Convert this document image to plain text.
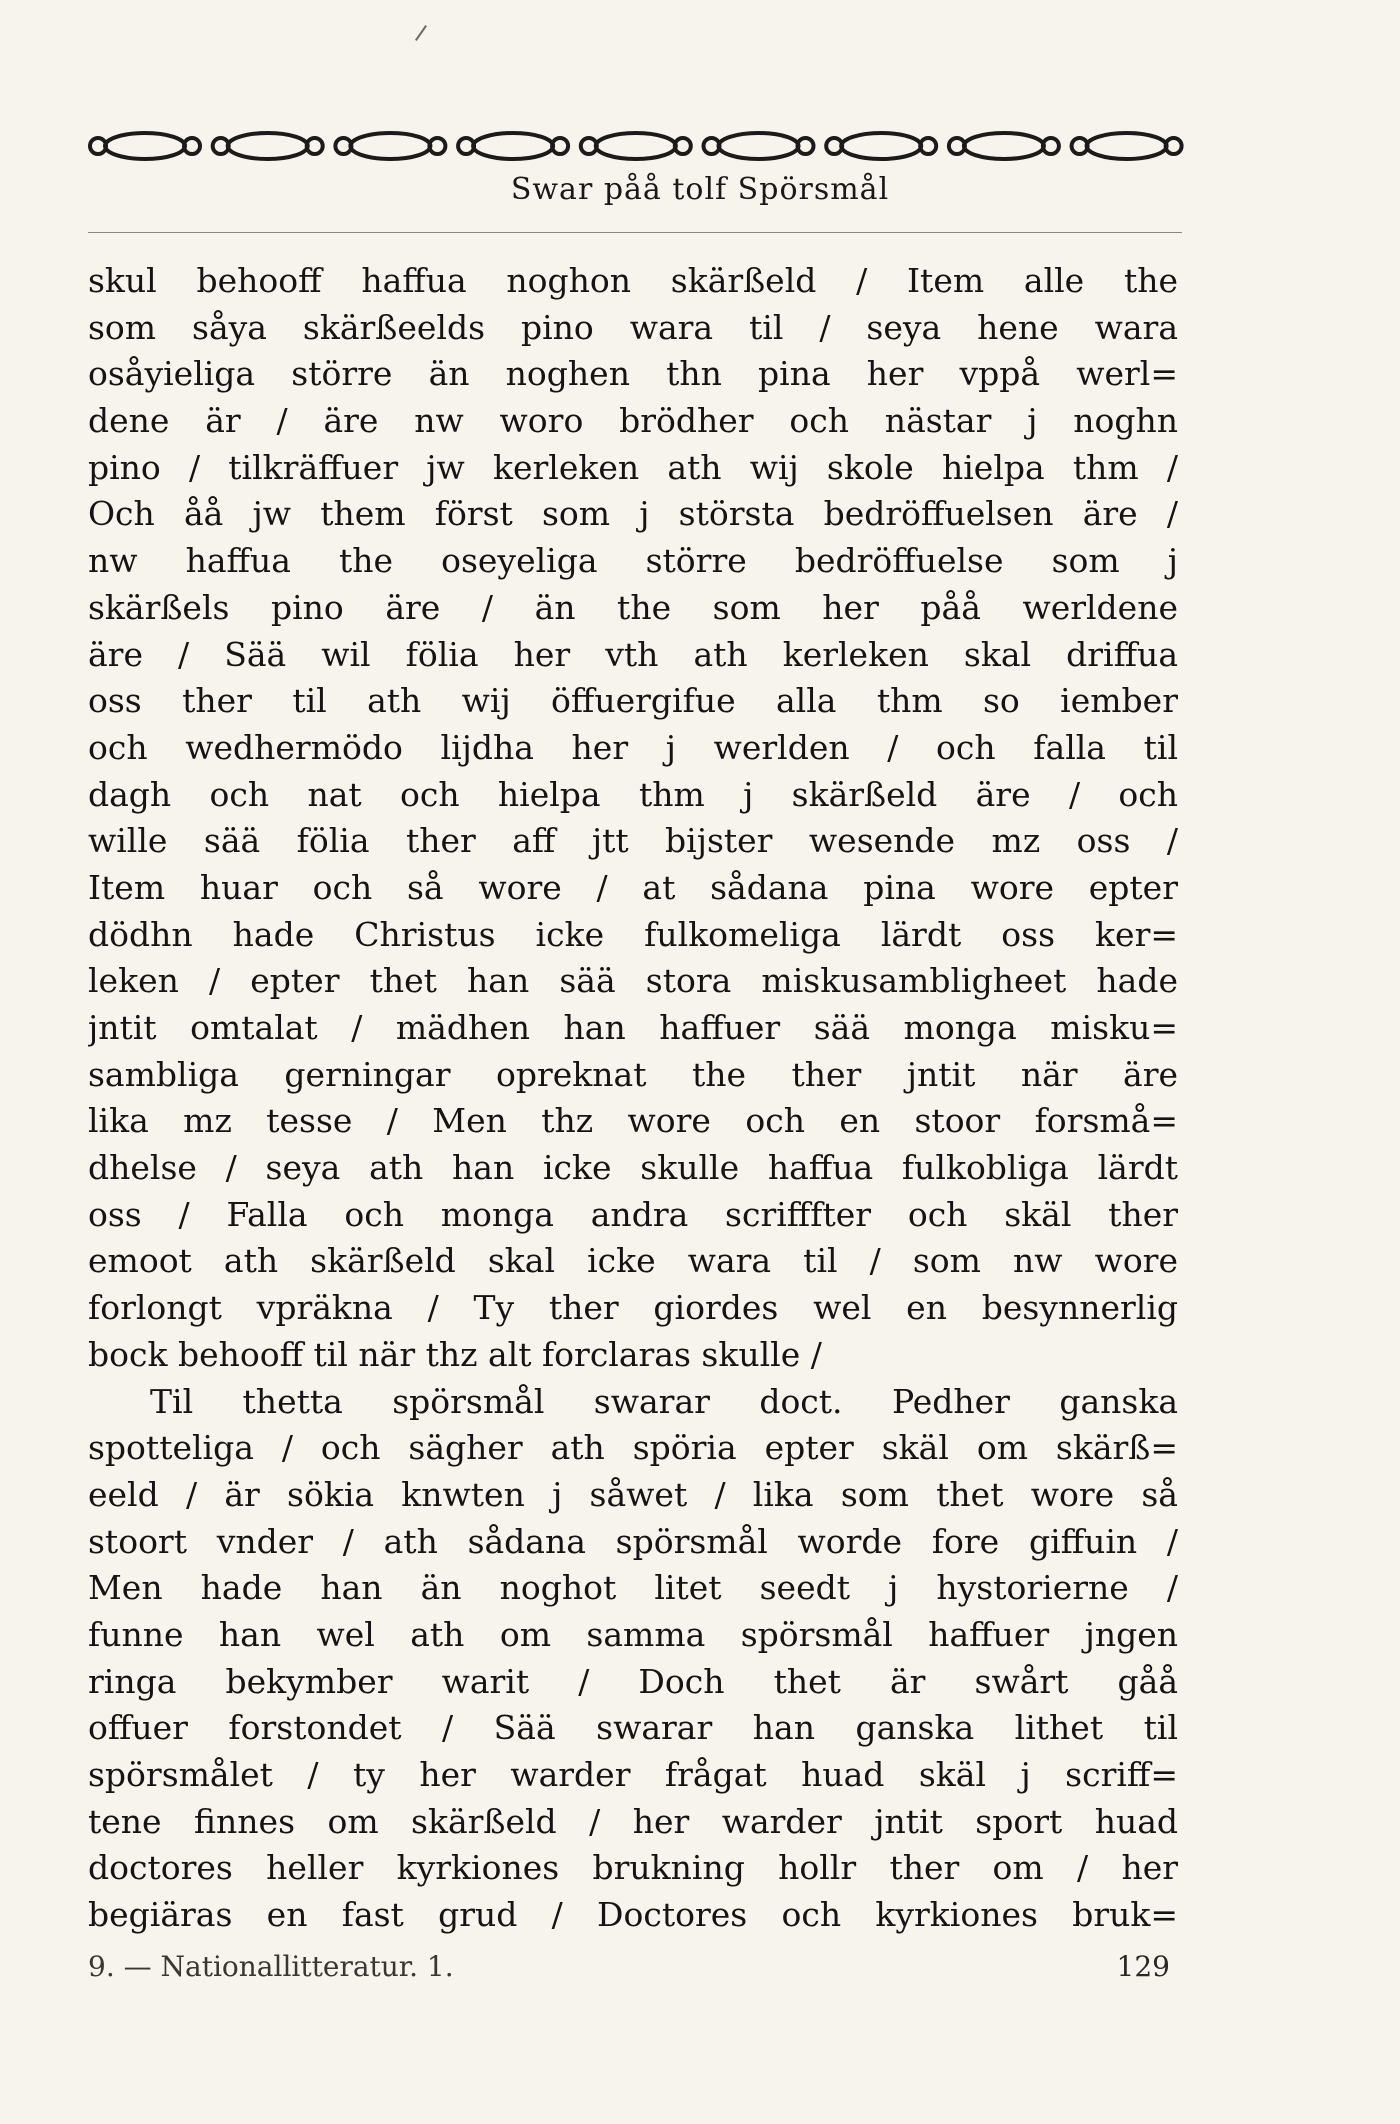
Swar påå tolf Spörsmål
skul behooff haffua noghon skärßeld / Item alle the
som såya skärßeelds pino wara til / seya hene wara
osåyieliga större än noghen thn pina her vppå werl=
dene är / äre nw woro brödher och nästar j noghn
pino / tilkräffuer jw kerleken ath wij skole hielpa thm /
Och åå jw them först som j största bedröffuelsen äre /
nw haffua the oseyeliga större bedröffuelse som j
skärßels pino äre / än the som her påå werldene
äre / Sää wil fölia her vth ath kerleken skal driffua
oss ther til ath wij öffuergifue alla thm so iember
och wedhermödo lijdha her j werlden / och falla til
dagh och nat och hielpa thm j skärßeld äre / och
wille sää fölia ther aff jtt bijster wesende mz oss /
Item huar och så wore / at sådana pina wore epter
dödhn hade Christus icke fulkomeliga lärdt oss ker=
leken / epter thet han sää stora miskusambligheet hade
jntit omtalat / mädhen han haffuer sää monga misku=
sambliga gerningar opreknat the ther jntit när äre
lika mz tesse / Men thz wore och en stoor forsmå=
dhelse / seya ath han icke skulle haffua fulkobliga lärdt
oss / Falla och monga andra scrifffter och skäl ther
emoot ath skärßeld skal icke wara til / som nw wore
forlongt vpräkna / Ty ther giordes wel en besynnerlig
bock behooff til när thz alt forclaras skulle /
Til thetta spörsmål swarar doct. Pedher ganska
spotteliga / och sägher ath spöria epter skäl om skärß=
eeld / är sökia knwten j såwet / lika som thet wore så
stoort vnder / ath sådana spörsmål worde fore giffuin /
Men hade han än noghot litet seedt j hystorierne /
funne han wel ath om samma spörsmål haffuer jngen
ringa bekymber warit / Doch thet är swårt gåå
offuer forstondet / Sää swarar han ganska lithet til
spörsmålet / ty her warder frågat huad skäl j scriff=
tene finnes om skärßeld / her warder jntit sport huad
doctores heller kyrkiones brukning hollr ther om / her
begiäras en fast grud / Doctores och kyrkiones bruk=
9. — Nationallitteratur. 1.	129
